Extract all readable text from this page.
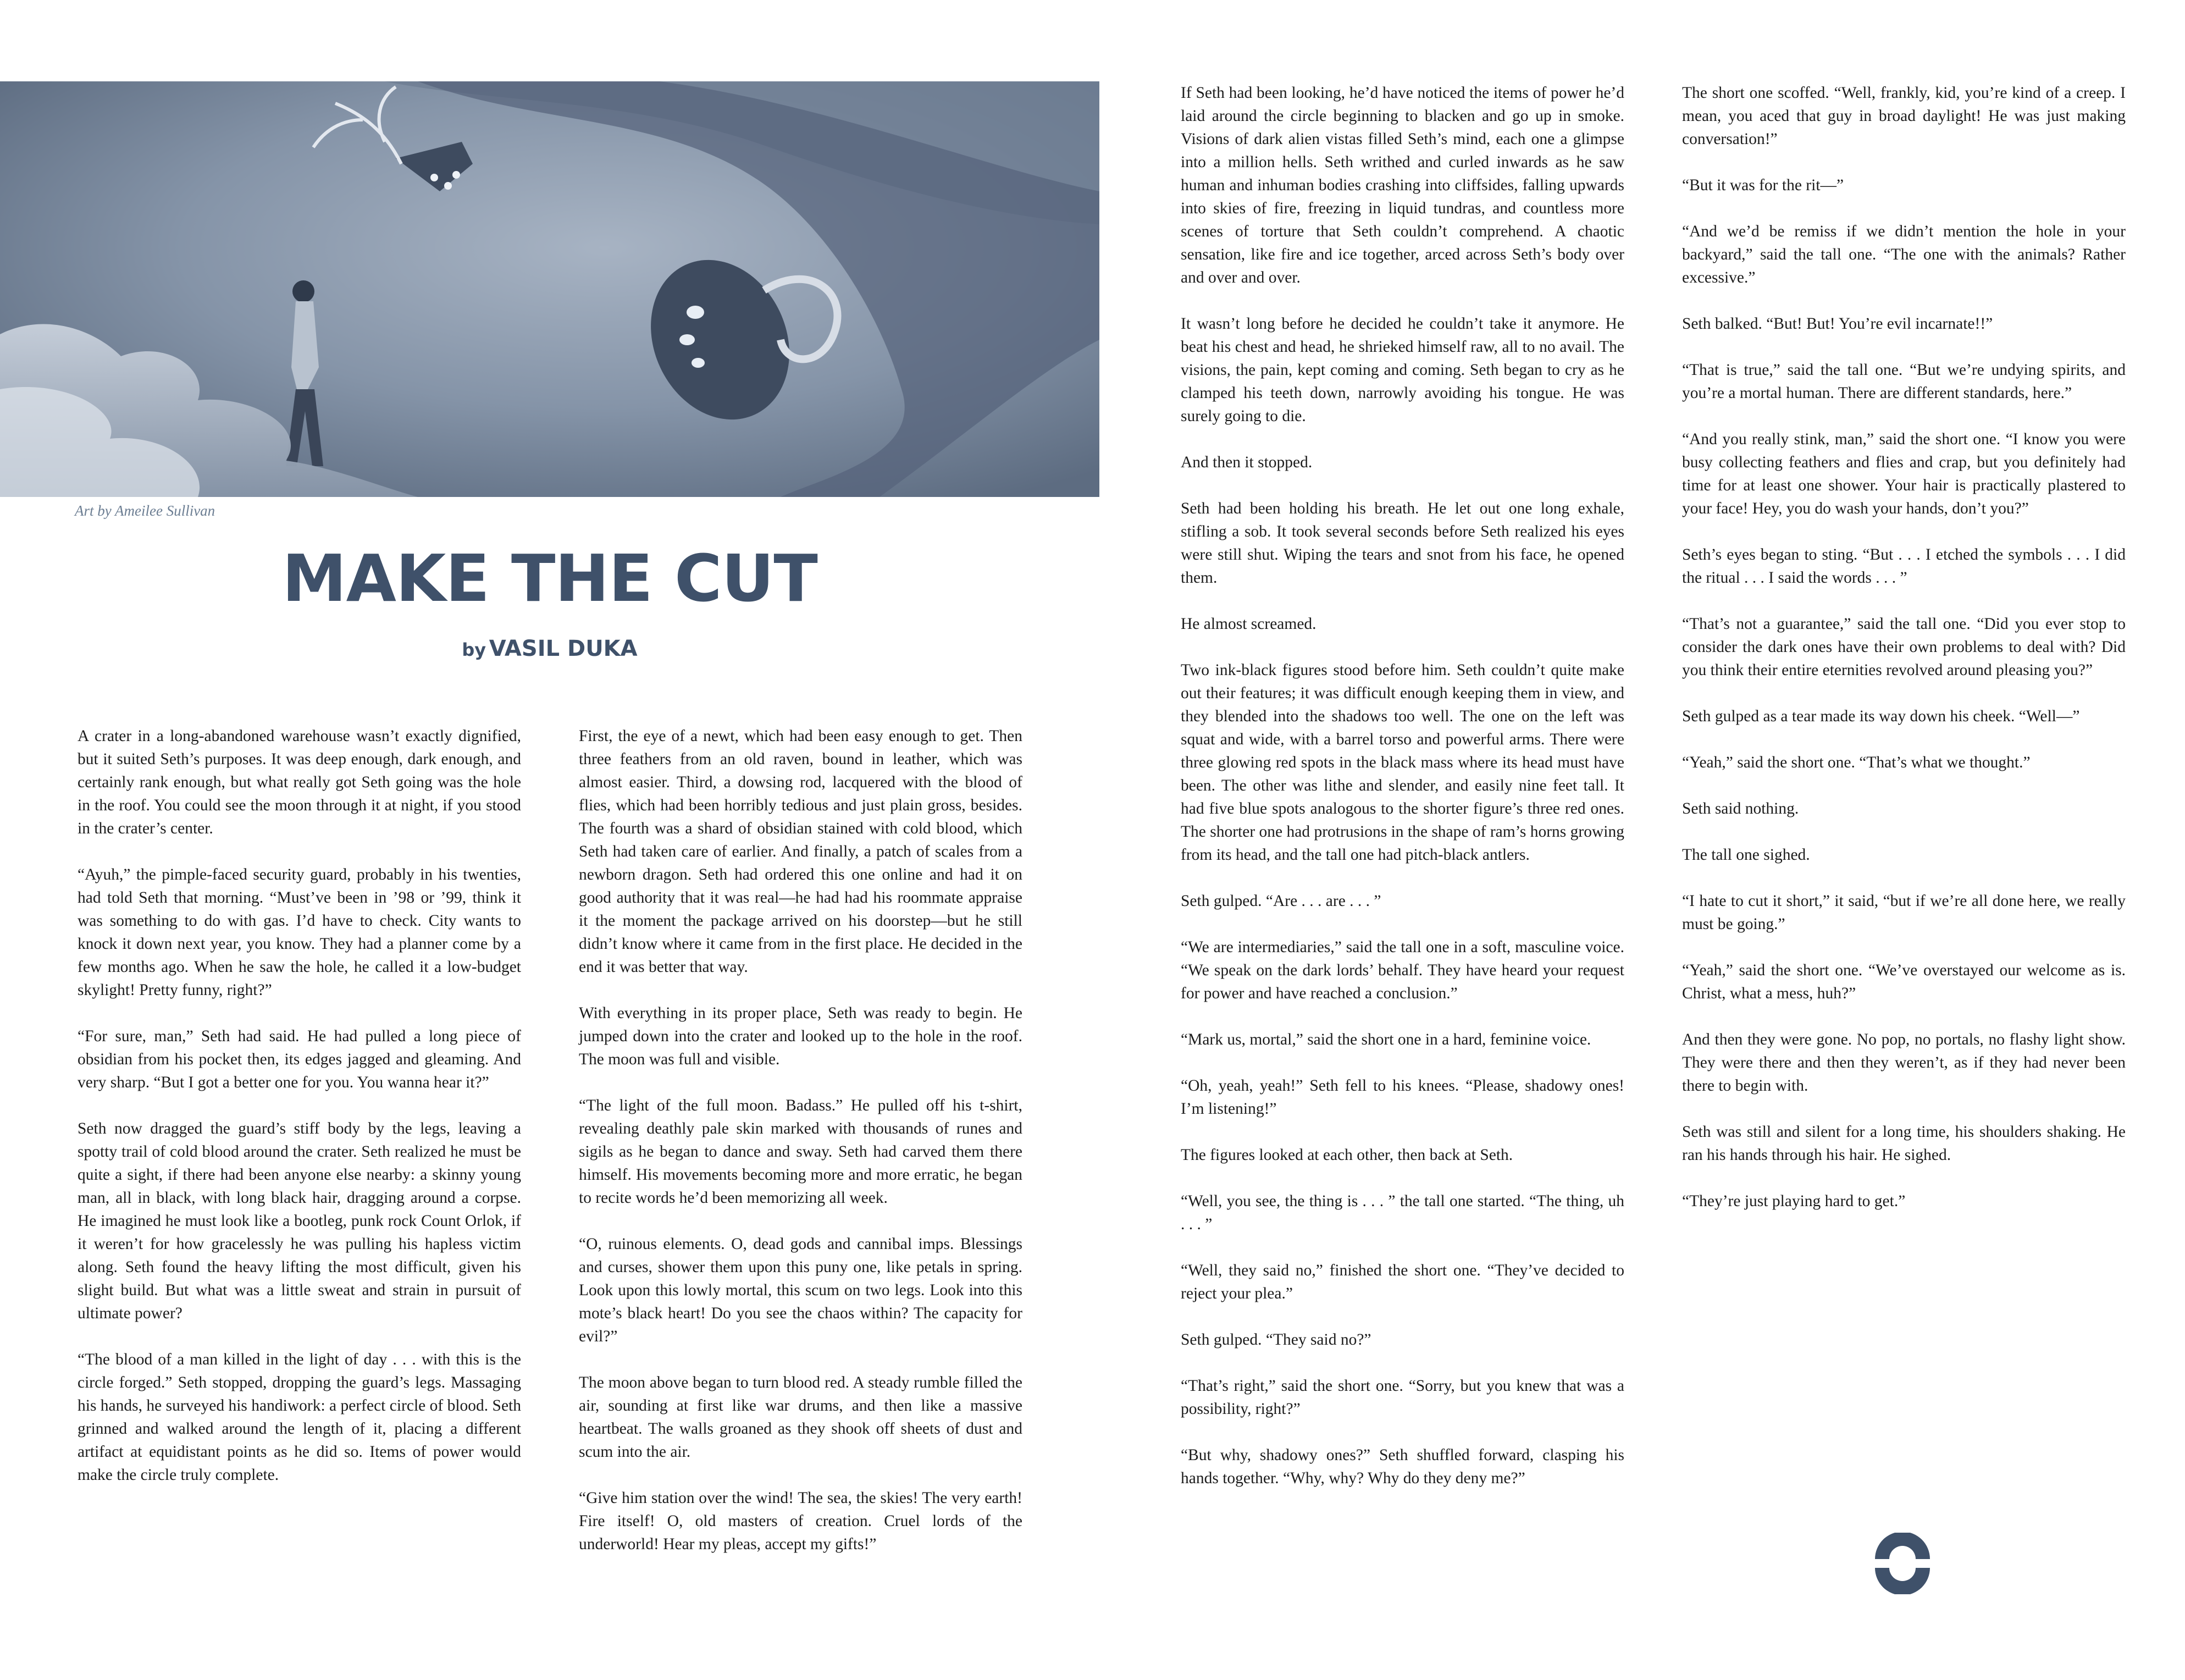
Art by Ameilee Sullivan
MAKE THE CUT
by VASIL DUKA

A crater in a long-abandoned warehouse wasn’t exactly dignified, but it suited Seth’s purposes. It was deep enough, dark enough, and certainly rank enough, but what really got Seth going was the hole in the roof. You could see the moon through it at night, if you stood in the crater’s center.

“Ayuh,” the pimple-faced security guard, probably in his twenties, had told Seth that morning. “Must’ve been in ’98 or ’99, think it was something to do with gas. I’d have to check. City wants to knock it down next year, you know. They had a planner come by a few months ago. When he saw the hole, he called it a low-budget skylight! Pretty funny, right?”

“For sure, man,” Seth had said. He had pulled a long piece of obsidian from his pocket then, its edges jagged and gleaming. And very sharp. “But I got a better one for you. You wanna hear it?”

Seth now dragged the guard’s stiff body by the legs, leaving a spotty trail of cold blood around the crater. Seth realized he must be quite a sight, if there had been anyone else nearby: a skinny young man, all in black, with long black hair, dragging around a corpse. He imagined he must look like a bootleg, punk rock Count Orlok, if it weren’t for how gracelessly he was pulling his hapless victim along. Seth found the heavy lifting the most difficult, given his slight build. But what was a little sweat and strain in pursuit of ultimate power?

“The blood of a man killed in the light of day . . . with this is the circle forged.” Seth stopped, dropping the guard’s legs. Massaging his hands, he surveyed his handiwork: a perfect circle of blood. Seth grinned and walked around the length of it, placing a different artifact at equidistant points as he did so. Items of power would make the circle truly complete.

First, the eye of a newt, which had been easy enough to get. Then three feathers from an old raven, bound in leather, which was almost easier. Third, a dowsing rod, lacquered with the blood of flies, which had been horribly tedious and just plain gross, besides. The fourth was a shard of obsidian stained with cold blood, which Seth had taken care of earlier. And finally, a patch of scales from a newborn dragon. Seth had ordered this one online and had it on good authority that it was real—he had had his roommate appraise it the moment the package arrived on his doorstep—but he still didn’t know where it came from in the first place. He decided in the end it was better that way.

With everything in its proper place, Seth was ready to begin. He jumped down into the crater and looked up to the hole in the roof. The moon was full and visible.

“The light of the full moon. Badass.” He pulled off his t-shirt, revealing deathly pale skin marked with thousands of runes and sigils as he began to dance and sway. Seth had carved them there himself. His movements becoming more and more erratic, he began to recite words he’d been memorizing all week.

“O, ruinous elements. O, dead gods and cannibal imps. Blessings and curses, shower them upon this puny one, like petals in spring. Look upon this lowly mortal, this scum on two legs. Look into this mote’s black heart! Do you see the chaos within? The capacity for evil?”

The moon above began to turn blood red. A steady rumble filled the air, sounding at first like war drums, and then like a massive heartbeat. The walls groaned as they shook off sheets of dust and scum into the air.

“Give him station over the wind! The sea, the skies! The very earth! Fire itself! O, old masters of creation. Cruel lords of the underworld! Hear my pleas, accept my gifts!”

If Seth had been looking, he’d have noticed the items of power he’d laid around the circle beginning to blacken and go up in smoke. Visions of dark alien vistas filled Seth’s mind, each one a glimpse into a million hells. Seth writhed and curled inwards as he saw human and inhuman bodies crashing into cliffsides, falling upwards into skies of fire, freezing in liquid tundras, and countless more scenes of torture that Seth couldn’t comprehend. A chaotic sensation, like fire and ice together, arced across Seth’s body over and over and over.

It wasn’t long before he decided he couldn’t take it anymore. He beat his chest and head, he shrieked himself raw, all to no avail. The visions, the pain, kept coming and coming. Seth began to cry as he clamped his teeth down, narrowly avoiding his tongue. He was surely going to die.

And then it stopped.

Seth had been holding his breath. He let out one long exhale, stifling a sob. It took several seconds before Seth realized his eyes were still shut. Wiping the tears and snot from his face, he opened them.

He almost screamed.

Two ink-black figures stood before him. Seth couldn’t quite make out their features; it was difficult enough keeping them in view, and they blended into the shadows too well. The one on the left was squat and wide, with a barrel torso and powerful arms. There were three glowing red spots in the black mass where its head must have been. The other was lithe and slender, and easily nine feet tall. It had five blue spots analogous to the shorter figure’s three red ones. The shorter one had protrusions in the shape of ram’s horns growing from its head, and the tall one had pitch-black antlers.

Seth gulped. “Are . . . are . . . ”

“We are intermediaries,” said the tall one in a soft, masculine voice. “We speak on the dark lords’ behalf. They have heard your request for power and have reached a conclusion.”

“Mark us, mortal,” said the short one in a hard, feminine voice.

“Oh, yeah, yeah!” Seth fell to his knees. “Please, shadowy ones! I’m listening!”

The figures looked at each other, then back at Seth.

“Well, you see, the thing is . . . ” the tall one started. “The thing, uh . . . ”

“Well, they said no,” finished the short one. “They’ve decided to reject your plea.”

Seth gulped. “They said no?”

“That’s right,” said the short one. “Sorry, but you knew that was a possibility, right?”

“But why, shadowy ones?” Seth shuffled forward, clasping his hands together. “Why, why? Why do they deny me?”

The short one scoffed. “Well, frankly, kid, you’re kind of a creep. I mean, you aced that guy in broad daylight! He was just making conversation!”

“But it was for the rit—”

“And we’d be remiss if we didn’t mention the hole in your backyard,” said the tall one. “The one with the animals? Rather excessive.”

Seth balked. “But! But! You’re evil incarnate!!”

“That is true,” said the tall one. “But we’re undying spirits, and you’re a mortal human. There are different standards, here.”

“And you really stink, man,” said the short one. “I know you were busy collecting feathers and flies and crap, but you definitely had time for at least one shower. Your hair is practically plastered to your face! Hey, you do wash your hands, don’t you?”

Seth’s eyes began to sting. “But . . . I etched the symbols . . . I did the ritual . . . I said the words . . . ”

“That’s not a guarantee,” said the tall one. “Did you ever stop to consider the dark ones have their own problems to deal with? Did you think their entire eternities revolved around pleasing you?”

Seth gulped as a tear made its way down his cheek. “Well—”

“Yeah,” said the short one. “That’s what we thought.”

Seth said nothing.

The tall one sighed.

“I hate to cut it short,” it said, “but if we’re all done here, we really must be going.”

“Yeah,” said the short one. “We’ve overstayed our welcome as is. Christ, what a mess, huh?”

And then they were gone. No pop, no portals, no flashy light show. They were there and then they weren’t, as if they had never been there to begin with.

Seth was still and silent for a long time, his shoulders shaking. He ran his hands through his hair. He sighed.

“They’re just playing hard to get.”
